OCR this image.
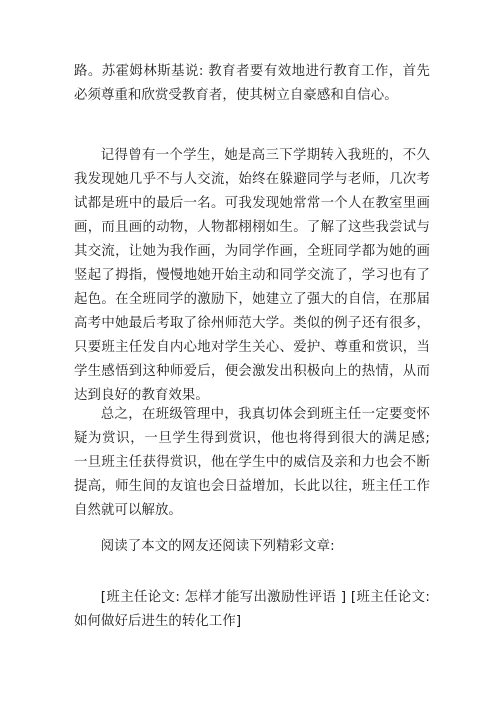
路。苏霍姆林斯基说: 教育者要有效地进行教育工作，首先必须尊重和欣赏受教育者，使其树立自豪感和自信心。

记得曾有一个学生，她是高三下学期转入我班的，不久我发现她几乎不与人交流，始终在躲避同学与老师，几次考试都是班中的最后一名。可我发现她常常一个人在教室里画画，而且画的动物，人物都栩栩如生。了解了这些我尝试与其交流，让她为我作画，为同学作画，全班同学都为她的画竖起了拇指，慢慢地她开始主动和同学交流了，学习也有了起色。在全班同学的激励下，她建立了强大的自信，在那届高考中她最后考取了徐州师范大学。类似的例子还有很多，只要班主任发自内心地对学生关心、爱护、尊重和赏识，当学生感悟到这种师爱后，便会激发出积极向上的热情，从而达到良好的教育效果。

总之，在班级管理中，我真切体会到班主任一定要变怀疑为赏识，一旦学生得到赏识，他也将得到很大的满足感; 一旦班主任获得赏识，他在学生中的威信及亲和力也会不断提高，师生间的友谊也会日益增加，长此以往，班主任工作自然就可以解放。

阅读了本文的网友还阅读下列精彩文章:

[班主任论文: 怎样才能写出激励性评语 ] [班主任论文: 如何做好后进生的转化工作]
